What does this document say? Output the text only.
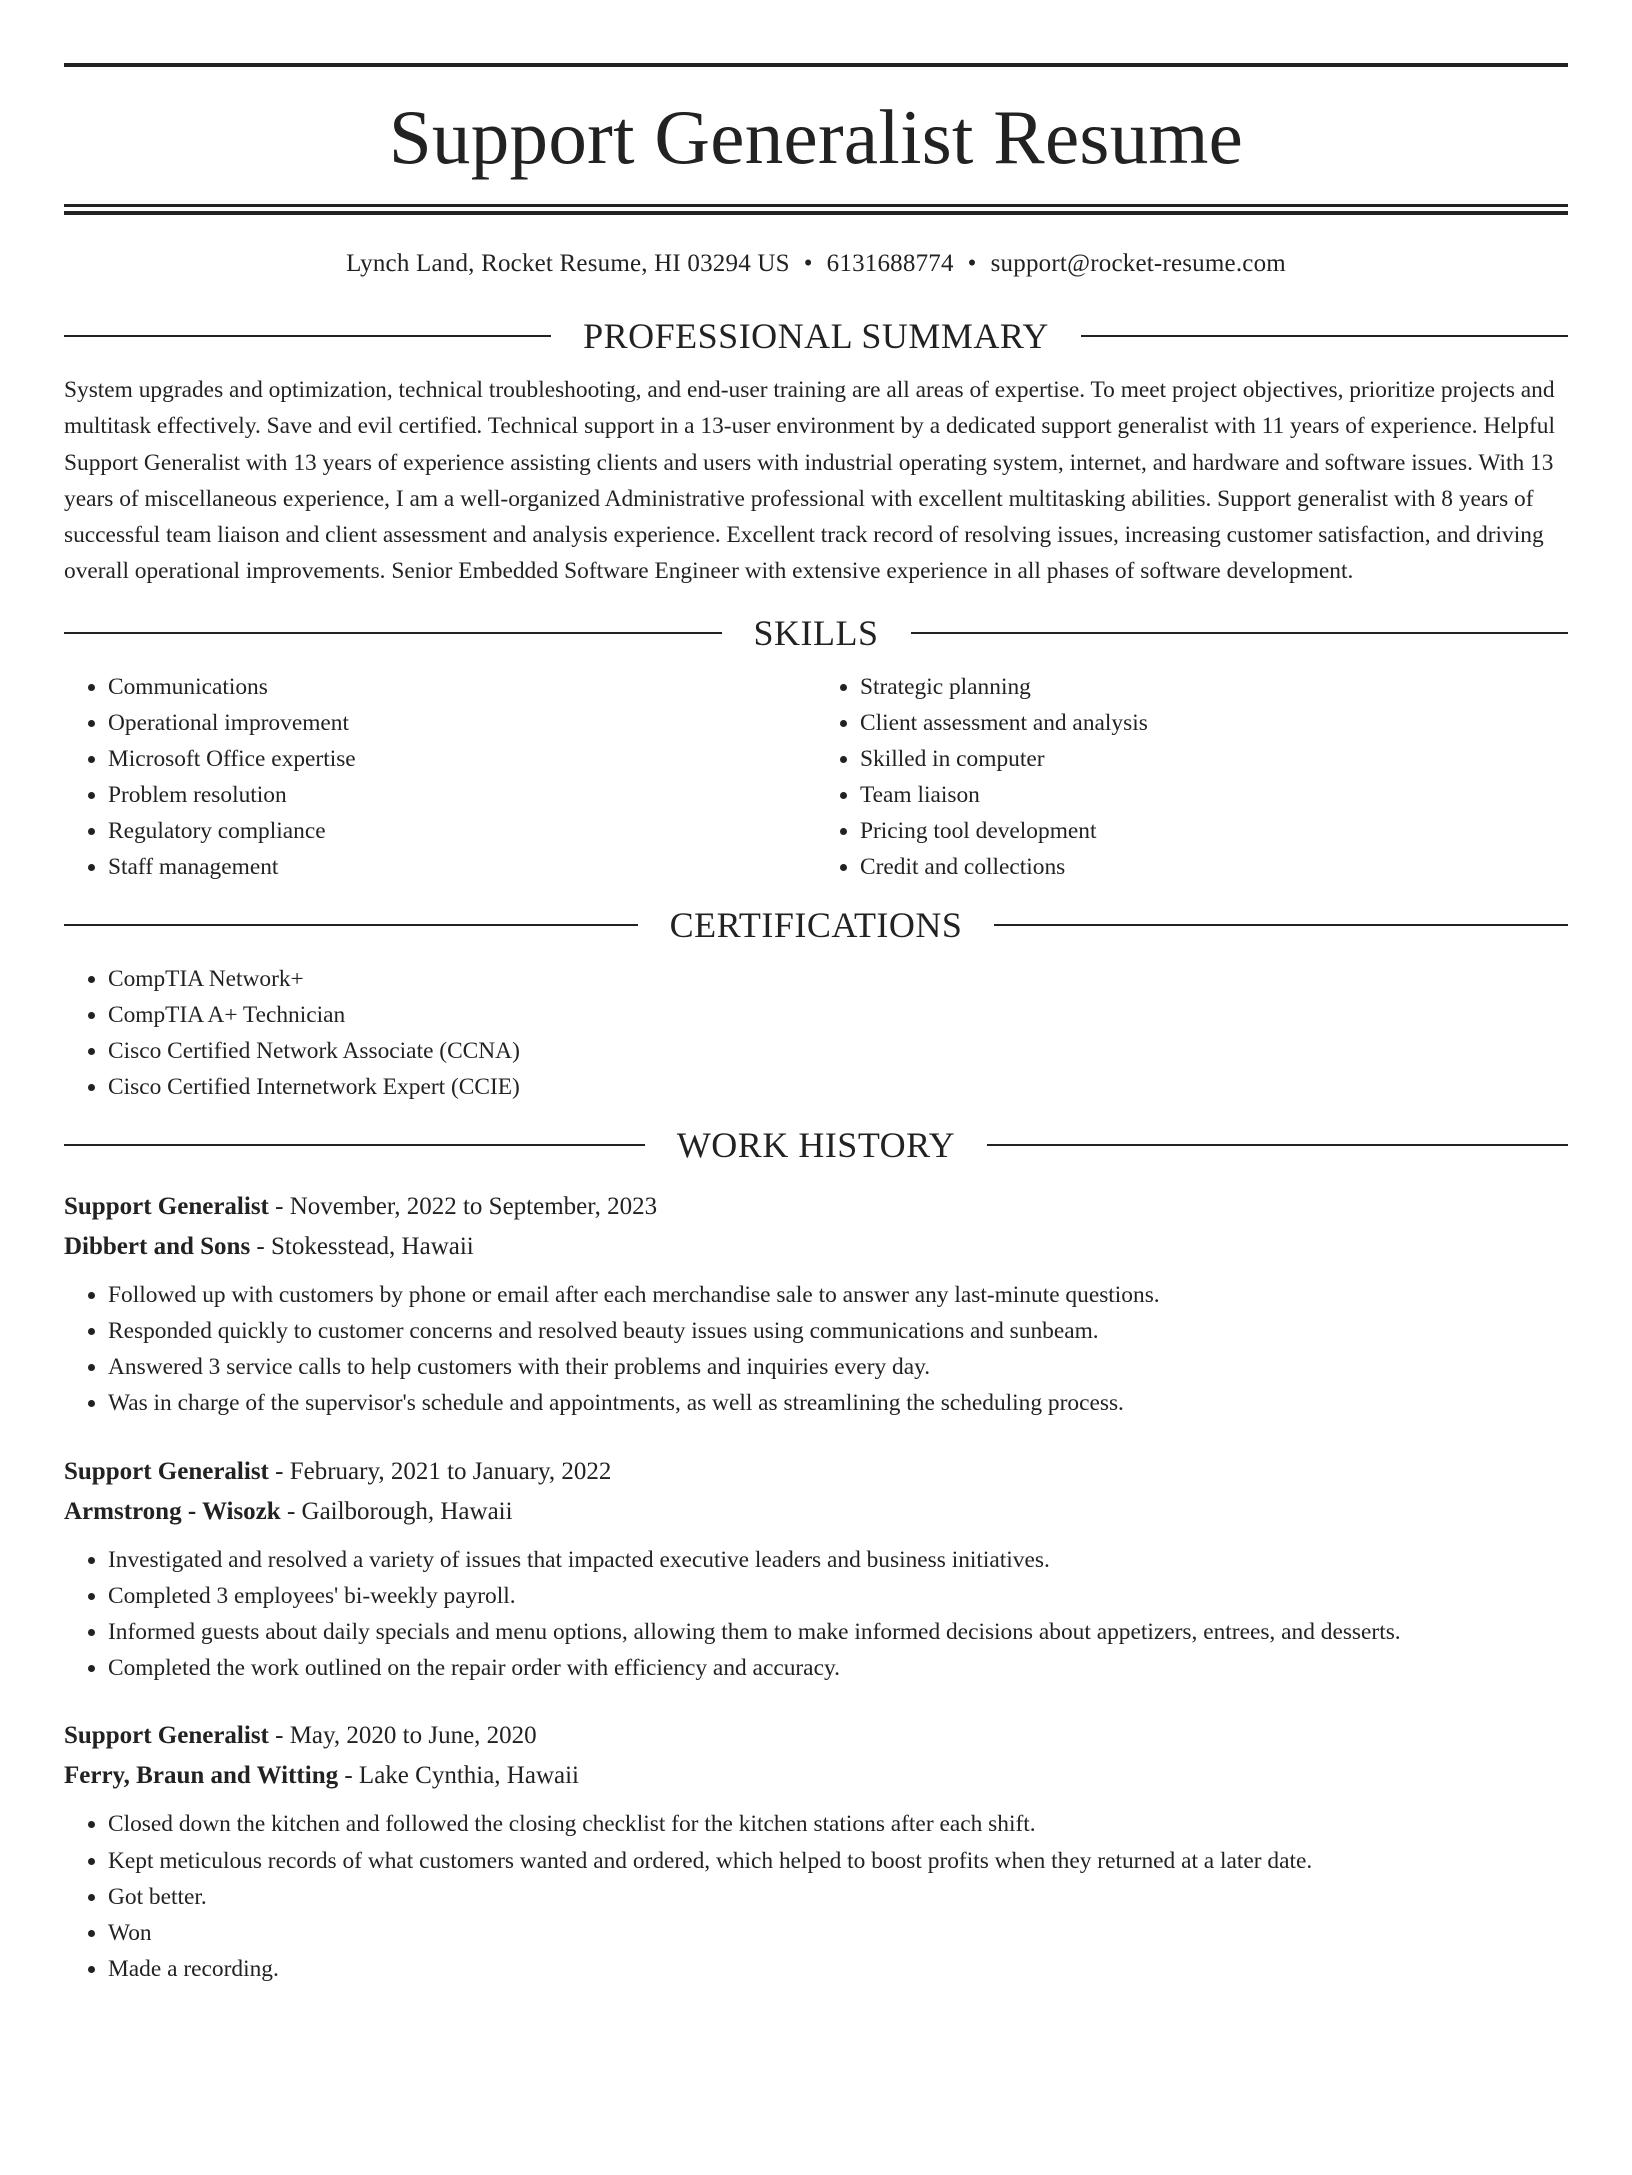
Support Generalist Resume
Lynch Land, Rocket Resume, HI 03294 US • 6131688774 • support@rocket-resume.com
PROFESSIONAL SUMMARY

System upgrades and optimization, technical troubleshooting, and end-user training are all areas of expertise. To meet project objectives, prioritize projects and multitask effectively. Save and evil certified. Technical support in a 13-user environment by a dedicated support generalist with 11 years of experience. Helpful Support Generalist with 13 years of experience assisting clients and users with industrial operating system, internet, and hardware and software issues. With 13 years of miscellaneous experience, I am a well-organized Administrative professional with excellent multitasking abilities. Support generalist with 8 years of successful team liaison and client assessment and analysis experience. Excellent track record of resolving issues, increasing customer satisfaction, and driving overall operational improvements. Senior Embedded Software Engineer with extensive experience in all phases of software development.

SKILLS
• Communications
• Operational improvement
• Microsoft Office expertise
• Problem resolution
• Regulatory compliance
• Staff management
• Strategic planning
• Client assessment and analysis
• Skilled in computer
• Team liaison
• Pricing tool development
• Credit and collections
CERTIFICATIONS
• CompTIA Network+
• CompTIA A+ Technician
• Cisco Certified Network Associate (CCNA)
• Cisco Certified Internetwork Expert (CCIE)
WORK HISTORY
Support Generalist - November, 2022 to September, 2023
Dibbert and Sons - Stokesstead, Hawaii
• Followed up with customers by phone or email after each merchandise sale to answer any last-minute questions.
• Responded quickly to customer concerns and resolved beauty issues using communications and sunbeam.
• Answered 3 service calls to help customers with their problems and inquiries every day.
• Was in charge of the supervisor's schedule and appointments, as well as streamlining the scheduling process.
Support Generalist - February, 2021 to January, 2022
Armstrong - Wisozk - Gailborough, Hawaii
• Investigated and resolved a variety of issues that impacted executive leaders and business initiatives.
• Completed 3 employees' bi-weekly payroll.
• Informed guests about daily specials and menu options, allowing them to make informed decisions about appetizers, entrees, and desserts.
• Completed the work outlined on the repair order with efficiency and accuracy.
Support Generalist - May, 2020 to June, 2020
Ferry, Braun and Witting - Lake Cynthia, Hawaii
• Closed down the kitchen and followed the closing checklist for the kitchen stations after each shift.
• Kept meticulous records of what customers wanted and ordered, which helped to boost profits when they returned at a later date.
• Got better.
• Won
• Made a recording.
